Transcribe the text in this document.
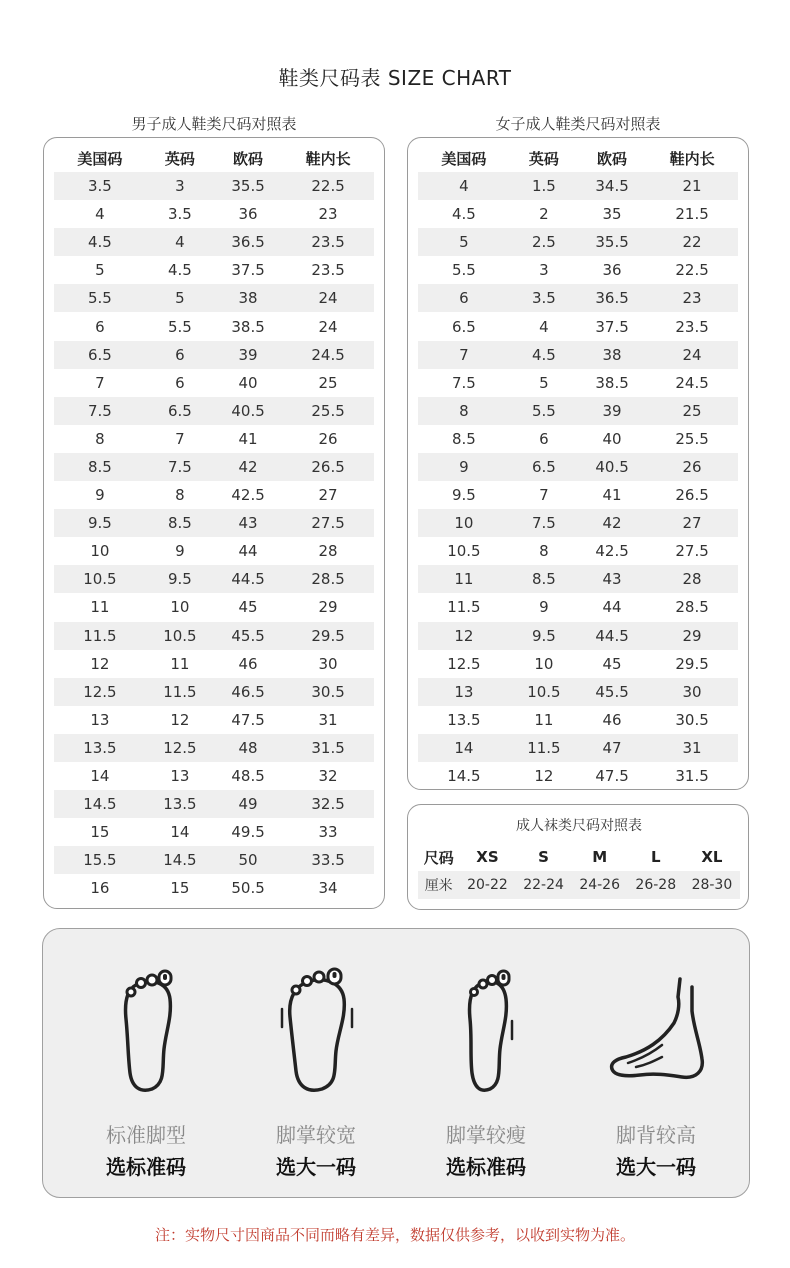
鞋类尺码表 SIZE CHART
男子成人鞋类尺码对照表	女子成人鞋类尺码对照表
美国码	英码	欧码	鞋内长
3.5	3	35.5	22.5
4	3.5	36	23
4.5	4	36.5	23.5
5	4.5	37.5	23.5
5.5	5	38	24
6	5.5	38.5	24
6.5	6	39	24.5
7	6	40	25
7.5	6.5	40.5	25.5
8	7	41	26
8.5	7.5	42	26.5
9	8	42.5	27
9.5	8.5	43	27.5
10	9	44	28
10.5	9.5	44.5	28.5
11	10	45	29
11.5	10.5	45.5	29.5
12	11	46	30
12.5	11.5	46.5	30.5
13	12	47.5	31
13.5	12.5	48	31.5
14	13	48.5	32
14.5	13.5	49	32.5
15	14	49.5	33
15.5	14.5	50	33.5
16	15	50.5	34
美国码	英码	欧码	鞋内长
4	1.5	34.5	21
4.5	2	35	21.5
5	2.5	35.5	22
5.5	3	36	22.5
6	3.5	36.5	23
6.5	4	37.5	23.5
7	4.5	38	24
7.5	5	38.5	24.5
8	5.5	39	25
8.5	6	40	25.5
9	6.5	40.5	26
9.5	7	41	26.5
10	7.5	42	27
10.5	8	42.5	27.5
11	8.5	43	28
11.5	9	44	28.5
12	9.5	44.5	29
12.5	10	45	29.5
13	10.5	45.5	30
13.5	11	46	30.5
14	11.5	47	31
14.5	12	47.5	31.5
成人袜类尺码对照表
尺码	XS	S	M	L	XL
厘米	20-22	22-24	24-26	26-28	28-30
标准脚型
选标准码
脚掌较宽
选大一码
脚掌较瘦
选标准码
脚背较高
选大一码
注：实物尺寸因商品不同而略有差异，数据仅供参考，以收到实物为准。
